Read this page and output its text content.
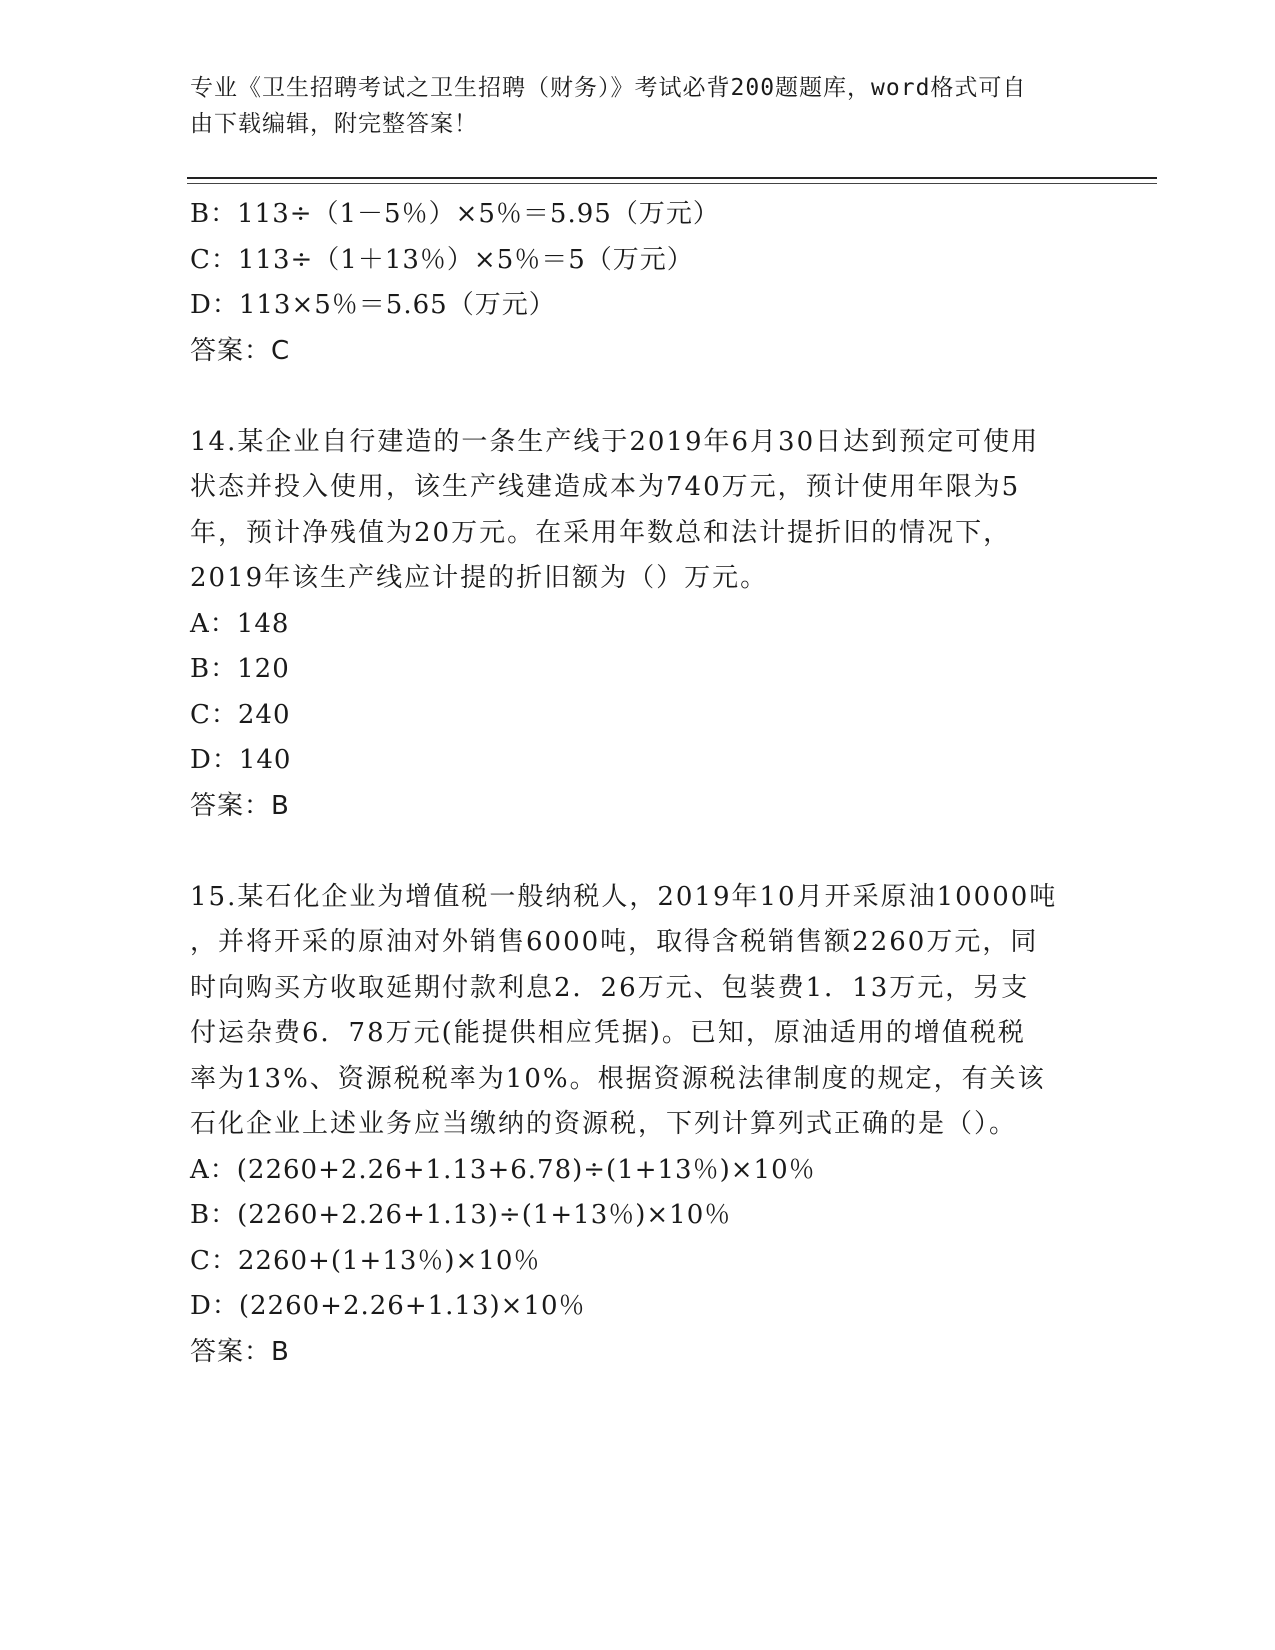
专业《卫生招聘考试之卫生招聘（财务）》考试必背200题题库，word格式可自
由下载编辑，附完整答案！
B：113÷（1－5％）×5％＝5.95（万元）
C：113÷（1＋13％）×5％＝5（万元）
D：113×5％＝5.65（万元）
答案：C
14.某企业自行建造的一条生产线于2019年6月30日达到预定可使用
状态并投入使用，该生产线建造成本为740万元，预计使用年限为5
年，预计净残值为20万元。在采用年数总和法计提折旧的情况下，
2019年该生产线应计提的折旧额为（）万元。
A：148
B：120
C：240
D：140
答案：B
15.某石化企业为增值税一般纳税人，2019年10月开采原油10000吨
，并将开采的原油对外销售6000吨，取得含税销售额2260万元，同
时向购买方收取延期付款利息2．26万元、包装费1．13万元，另支
付运杂费6．78万元(能提供相应凭据)。已知，原油适用的增值税税
率为13%、资源税税率为10%。根据资源税法律制度的规定，有关该
石化企业上述业务应当缴纳的资源税，下列计算列式正确的是（）。
A：(2260+2.26+1.13+6.78)÷(1+13％)×10％
B：(2260+2.26+1.13)÷(1+13％)×10％
C：2260+(1+13％)×10％
D：(2260+2.26+1.13)×10％
答案：B
